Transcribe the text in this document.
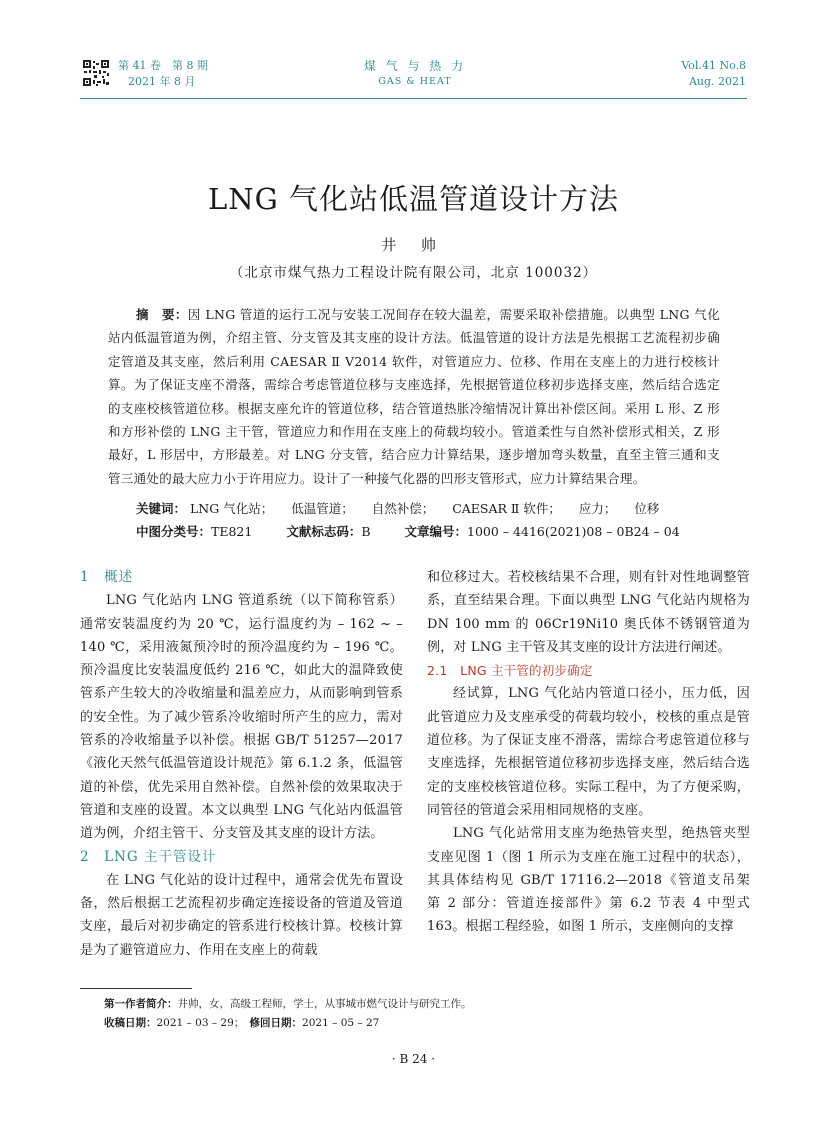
第 41 卷　第 8 期
2021 年 8 月
煤 气 与 热 力
GAS & HEAT
Vol.41 No.8
Aug. 2021
LNG 气化站低温管道设计方法
井 帅
（北京市煤气热力工程设计院有限公司，北京 100032）
摘　要：因 LNG 管道的运行工况与安装工况间存在较大温差，需要采取补偿措施。以典型 LNG 气化站内低温管道为例，介绍主管、分支管及其支座的设计方法。低温管道的设计方法是先根据工艺流程初步确定管道及其支座，然后利用 CAESAR Ⅱ V2014 软件，对管道应力、位移、作用在支座上的力进行校核计算。为了保证支座不滑落，需综合考虑管道位移与支座选择，先根据管道位移初步选择支座，然后结合选定的支座校核管道位移。根据支座允许的管道位移，结合管道热胀冷缩情况计算出补偿区间。采用 L 形、Z 形和方形补偿的 LNG 主干管，管道应力和作用在支座上的荷载均较小。管道柔性与自然补偿形式相关，Z 形最好，L 形居中，方形最差。对 LNG 分支管，结合应力计算结果，逐步增加弯头数量，直至主管三通和支管三通处的最大应力小于许用应力。设计了一种接气化器的凹形支管形式，应力计算结果合理。
关键词： LNG 气化站； 低温管道； 自然补偿； CAESAR Ⅱ 软件； 应力； 位移
中图分类号：TE821	文献标志码：B	文章编号：1000 – 4416(2021)08 – 0B24 – 04
1　概述

LNG 气化站内 LNG 管道系统（以下简称管系）通常安装温度约为 20 ℃，运行温度约为 – 162 ~ – 140 ℃，采用液氮预冷时的预冷温度约为 – 196 ℃。预冷温度比安装温度低约 216 ℃，如此大的温降致使管系产生较大的冷收缩量和温差应力，从而影响到管系的安全性。为了减少管系冷收缩时所产生的应力，需对管系的冷收缩量予以补偿。根据 GB/T 51257—2017《液化天然气低温管道设计规范》第 6.1.2 条，低温管道的补偿，优先采用自然补偿。自然补偿的效果取决于管道和支座的设置。本文以典型 LNG 气化站内低温管道为例，介绍主管干、分支管及其支座的设计方法。

2　LNG 主干管设计

在 LNG 气化站的设计过程中，通常会优先布置设备，然后根据工艺流程初步确定连接设备的管道及管道支座，最后对初步确定的管系进行校核计算。校核计算是为了避管道应力、作用在支座上的荷载

和位移过大。若校核结果不合理，则有针对性地调整管系，直至结果合理。下面以典型 LNG 气化站内规格为 DN 100 mm 的 06Cr19Ni10 奥氏体不锈钢管道为例，对 LNG 主干管及其支座的设计方法进行阐述。

2.1　LNG 主干管的初步确定

经试算，LNG 气化站内管道口径小，压力低，因此管道应力及支座承受的荷载均较小，校核的重点是管道位移。为了保证支座不滑落，需综合考虑管道位移与支座选择，先根据管道位移初步选择支座，然后结合选定的支座校核管道位移。实际工程中，为了方便采购，同管径的管道会采用相同规格的支座。

LNG 气化站常用支座为绝热管夹型，绝热管夹型支座见图 1（图 1 所示为支座在施工过程中的状态），其具体结构见 GB/T 17116.2—2018《管道支吊架　第 2 部分：管道连接部件》第 6.2 节表 4 中型式 163。根据工程经验，如图 1 所示，支座侧向的支撑

第一作者简介：井帅，女，高级工程师，学士，从事城市燃气设计与研究工作。
收稿日期：2021 – 03 – 29；　 修回日期：2021 – 05 – 27
· B 24 ·
